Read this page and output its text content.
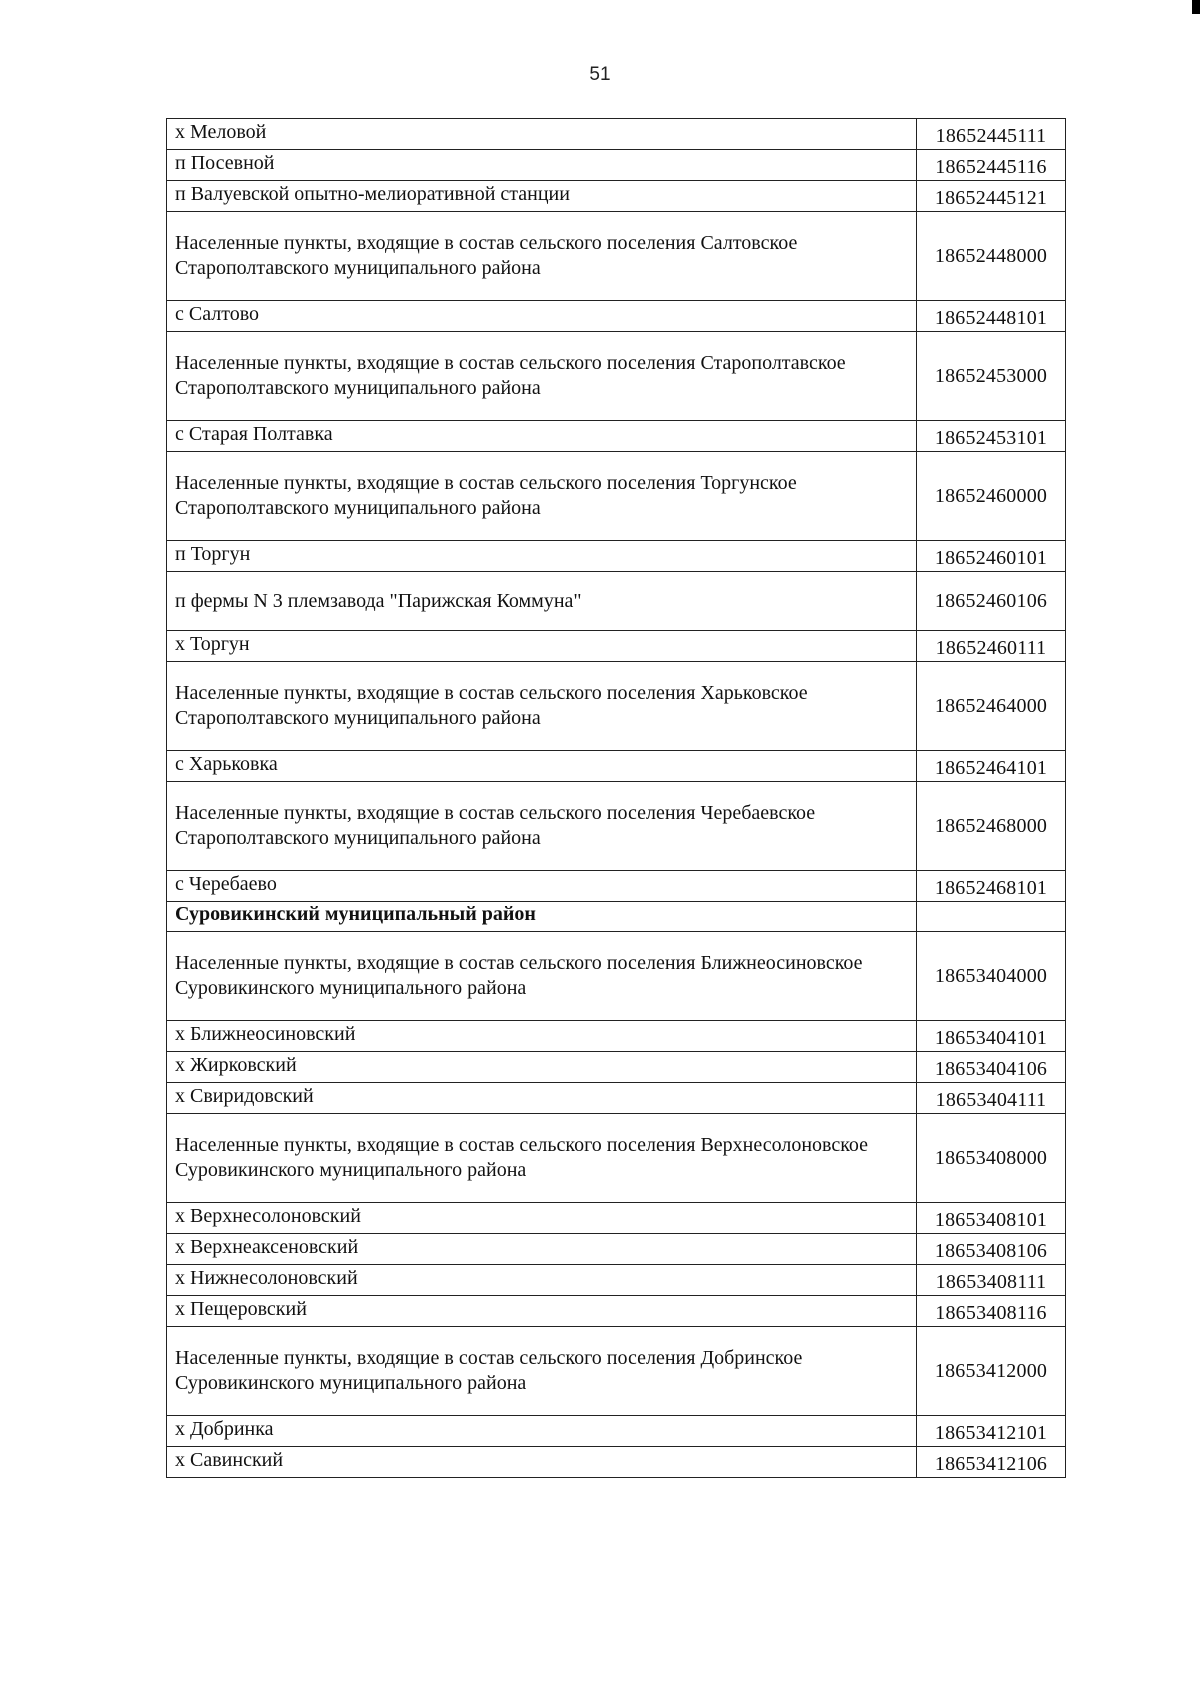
51
х Меловой	18652445111
п Посевной	18652445116
п Валуевской опытно-мелиоративной станции	18652445121
Населенные пункты, входящие в состав сельского поселения Салтовское Старополтавского муниципального района	18652448000
с Салтово	18652448101
Населенные пункты, входящие в состав сельского поселения Старополтавское Старополтавского муниципального района	18652453000
с Старая Полтавка	18652453101
Населенные пункты, входящие в состав сельского поселения Торгунское Старополтавского муниципального района	18652460000
п Торгун	18652460101
п фермы N 3 племзавода "Парижская Коммуна"	18652460106
х Торгун	18652460111
Населенные пункты, входящие в состав сельского поселения Харьковское Старополтавского муниципального района	18652464000
с Харьковка	18652464101
Населенные пункты, входящие в состав сельского поселения Черебаевское Старополтавского муниципального района	18652468000
с Черебаево	18652468101
Суровикинский муниципальный район	
Населенные пункты, входящие в состав сельского поселения Ближнеосиновское Суровикинского муниципального района	18653404000
х Ближнеосиновский	18653404101
х Жирковский	18653404106
х Свиридовский	18653404111
Населенные пункты, входящие в состав сельского поселения Верхнесолоновское Суровикинского муниципального района	18653408000
х Верхнесолоновский	18653408101
х Верхнеаксеновский	18653408106
х Нижнесолоновский	18653408111
х Пещеровский	18653408116
Населенные пункты, входящие в состав сельского поселения Добринское Суровикинского муниципального района	18653412000
х Добринка	18653412101
х Савинский	18653412106
